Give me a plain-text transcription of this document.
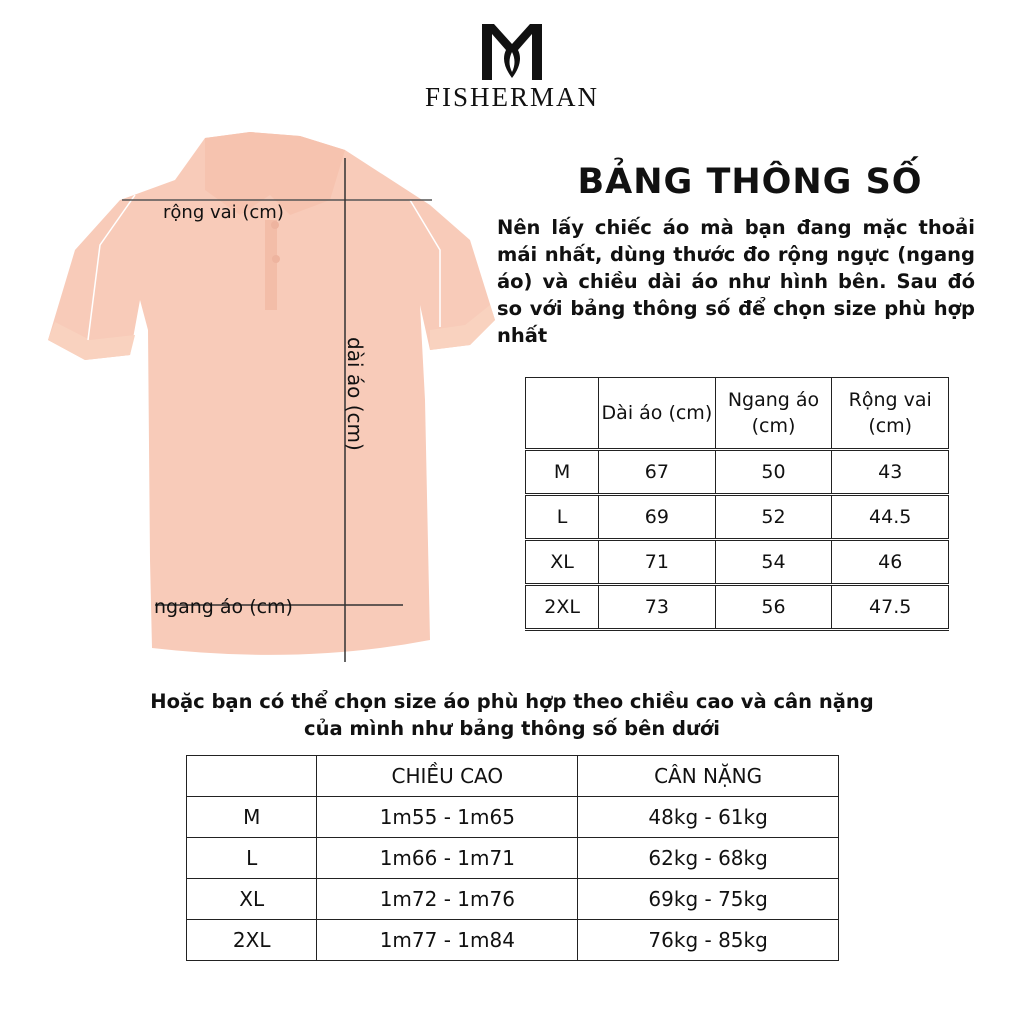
FISHERMAN
rộng vai (cm)
dài áo (cm)
ngang áo (cm)
BẢNG THÔNG SỐ
Nên lấy chiếc áo mà bạn đang mặc thoải mái nhất, dùng thước đo rộng ngực (ngang áo) và chiều dài áo như hình bên. Sau đó so với bảng thông số để chọn size phù hợp nhất
	Dài áo (cm)	Ngang áo (cm)	Rộng vai (cm)
M	67	50	43
L	69	52	44.5
XL	71	54	46
2XL	73	56	47.5
Hoặc bạn có thể chọn size áo phù hợp theo chiều cao và cân nặng của mình như bảng thông số bên dưới
	CHIỀU CAO	CÂN NẶNG
M	1m55 - 1m65	48kg - 61kg
L	1m66 - 1m71	62kg - 68kg
XL	1m72 - 1m76	69kg - 75kg
2XL	1m77 - 1m84	76kg - 85kg
